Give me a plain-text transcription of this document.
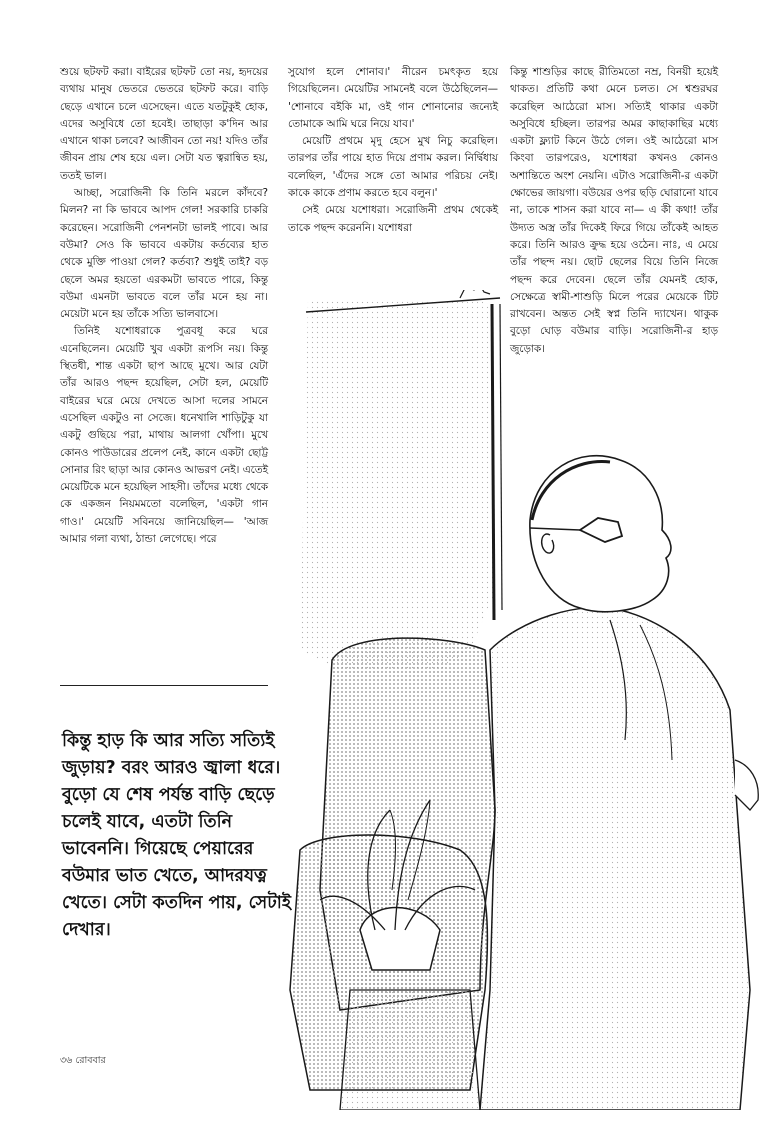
শুয়ে ছটফট করা। বাইরের ছটফট তো নয়, হৃদয়ের ব্যথায় মানুষ ভেতরে ভেতরে ছটফট করে। বাড়ি ছেড়ে এখানে চলে এসেছেন। এতে যতটুকুই হোক, এদের অসুবিধে তো হবেই। তাছাড়া ক'দিন আর এখানে থাকা চলবে? আজীবন তো নয়! যদিও তাঁর জীবন প্রায় শেষ হয়ে এল। সেটা যত ত্বরান্বিত হয়, ততই ভাল।

আচ্ছা, সরোজিনী কি তিনি মরলে কাঁদবে? মিলন? না কি ভাববে আপদ গেল! সরকারি চাকরি করেছেন। সরোজিনী পেনশনটা ভালই পাবে। আর বউমা? সেও কি ভাববে একটায় কর্তব্যের হাত থেকে মুক্তি পাওয়া গেল? কর্তব্য? শুধুই তাই? বড় ছেলে অমর হয়তো এরকমটা ভাবতে পারে, কিন্তু বউমা এমনটা ভাবতে বলে তাঁর মনে হয় না। মেয়েটা মনে হয় তাঁকে সত্যি ভালবাসে।

তিনিই যশোধরাকে পুত্রবধূ করে ঘরে এনেছিলেন। মেয়েটি খুব একটা রূপসি নয়। কিন্তু স্থিতধী, শান্ত একটা ছাপ আছে মুখে। আর যেটা তাঁর আরও পছন্দ হয়েছিল, সেটা হল, মেয়েটি বাইরের ঘরে মেয়ে দেখতে আসা দলের সামনে এসেছিল একটুও না সেজে। ধনেখালি শাড়িটুকু যা একটু গুছিয়ে পরা, মাথায় আলগা খোঁপা। মুখে কোনও পাউডারের প্রলেপ নেই, কানে একটা ছোট্ট সোনার রিং ছাড়া আর কোনও আভরণ নেই। এতেই মেয়েটিকে মনে হয়েছিল সাহসী। তাঁদের মধ্যে থেকে কে একজন নিয়মমতো বলেছিল, 'একটা গান গাও।' মেয়েটি সবিনয়ে জানিয়েছিল— 'আজ আমার গলা ব্যথা, ঠান্ডা লেগেছে। পরে

সুযোগ হলে শোনাব।' নীরেন চমৎকৃত হয়ে গিয়েছিলেন। মেয়েটির সামনেই বলে উঠেছিলেন— 'শোনাবে বইকি মা, ওই গান শোনানোর জন্যেই তোমাকে আমি ঘরে নিয়ে যাব।'

মেয়েটি প্রথমে মৃদু হেসে মুখ নিচু করেছিল। তারপর তাঁর পায়ে হাত দিয়ে প্রণাম করল। নির্দ্বিধায় বলেছিল, 'এঁদের সঙ্গে তো আমার পরিচয় নেই। কাকে কাকে প্রণাম করতে হবে বলুন।'

সেই মেয়ে যশোধরা। সরোজিনী প্রথম থেকেই তাকে পছন্দ করেননি। যশোধরা

কিন্তু শাশুড়ির কাছে রীতিমতো নম্র, বিনয়ী হয়েই থাকত। প্রতিটি কথা মেনে চলত। সে শ্বশুরঘর করেছিল আঠেরো মাস। সত্যিই থাকার একটা অসুবিধে হচ্ছিল। তারপর অমর কাছাকাছির মধ্যে একটা ফ্ল্যাট কিনে উঠে গেল। ওই আঠেরো মাস কিংবা তারপরেও, যশোধরা কখনও কোনও অশান্তিতে অংশ নেয়নি। এটাও সরোজিনী-র একটা ক্ষোভের জায়গা। বউয়ের ওপর ছড়ি ঘোরানো যাবে না, তাকে শাসন করা যাবে না— এ কী কথা! তাঁর উদ্যত অস্ত্র তাঁর দিকেই ফিরে গিয়ে তাঁকেই আহত করে। তিনি আরও ক্রুদ্ধ হয়ে ওঠেন। নাঃ, এ মেয়ে তাঁর পছন্দ নয়। ছোট ছেলের বিয়ে তিনি নিজে পছন্দ করে দেবেন। ছেলে তাঁর যেমনই হোক, সেক্ষেত্রে স্বামী-শাশুড়ি মিলে পরের মেয়েকে টিট রাখবেন। অন্তত সেই স্বপ্ন তিনি দ্যাখেন। থাকুক বুড়ো ঘোড় বউমার বাড়ি। সরোজিনী-র হাড় জুড়োক।

কিন্তু হাড় কি আর সত্যি সত্যিই জুড়ায়? বরং আরও জ্বালা ধরে। বুড়ো যে শেষ পর্যন্ত বাড়ি ছেড়ে চলেই যাবে, এতটা তিনি ভাবেননি। গিয়েছে পেয়ারের বউমার ভাত খেতে, আদরযত্ন খেতে। সেটা কতদিন পায়, সেটাই দেখার।
৩৬ রোববার
